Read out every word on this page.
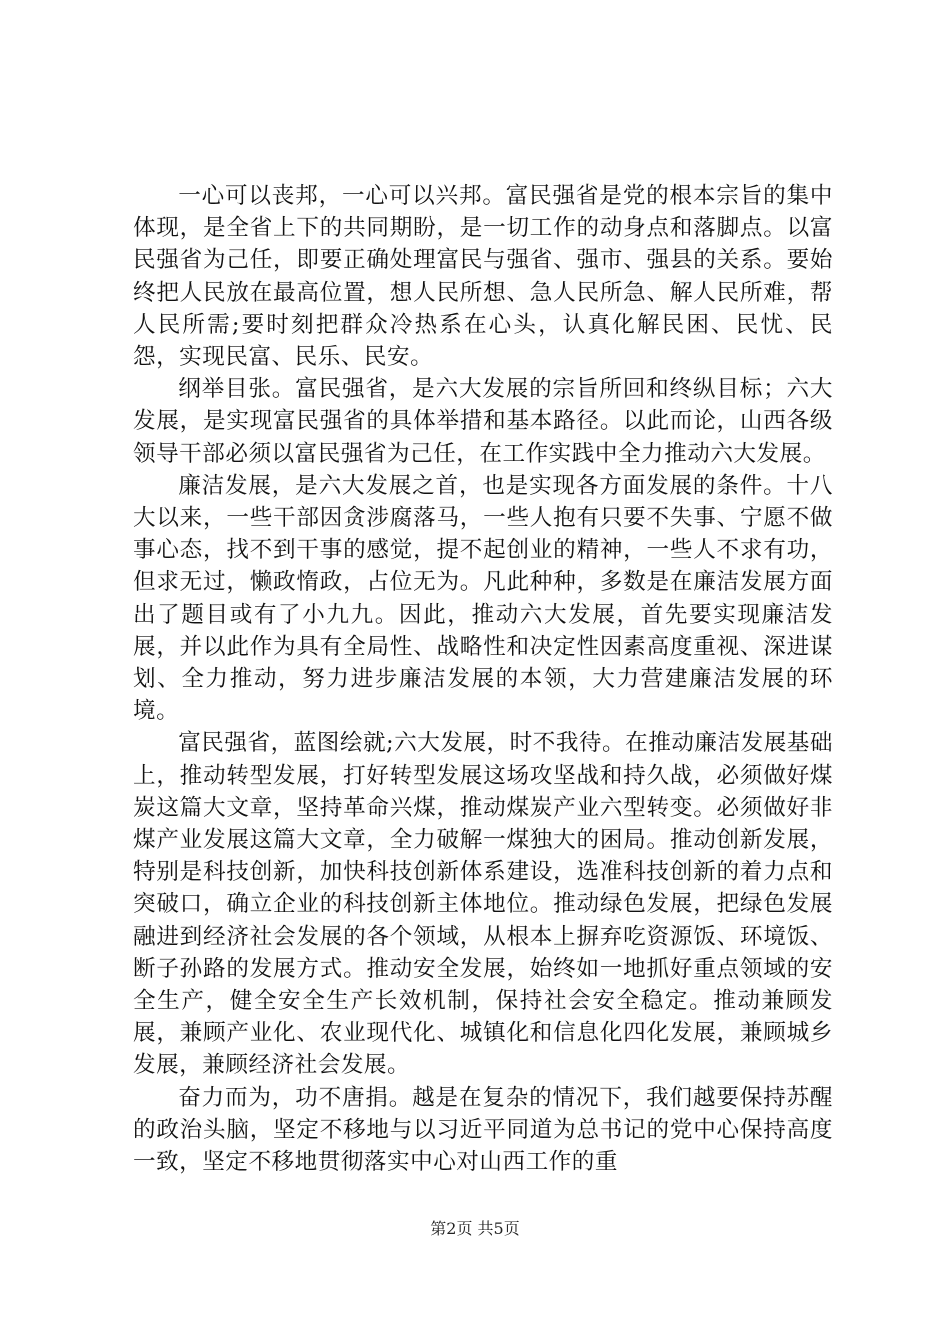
一心可以丧邦，一心可以兴邦。富民强省是党的根本宗旨的集中体现，是全省上下的共同期盼，是一切工作的动身点和落脚点。以富民强省为己任，即要正确处理富民与强省、强市、强县的关系。要始终把人民放在最高位置，想人民所想、急人民所急、解人民所难，帮人民所需;要时刻把群众冷热系在心头，认真化解民困、民忧、民怨，实现民富、民乐、民安。

纲举目张。富民强省，是六大发展的宗旨所回和终纵目标；六大发展，是实现富民强省的具体举措和基本路径。以此而论，山西各级领导干部必须以富民强省为己任，在工作实践中全力推动六大发展。

廉洁发展，是六大发展之首，也是实现各方面发展的条件。十八大以来，一些干部因贪涉腐落马，一些人抱有只要不失事、宁愿不做事心态，找不到干事的感觉，提不起创业的精神，一些人不求有功，但求无过，懒政惰政，占位无为。凡此种种，多数是在廉洁发展方面出了题目或有了小九九。因此，推动六大发展，首先要实现廉洁发展，并以此作为具有全局性、战略性和决定性因素高度重视、深进谋划、全力推动，努力进步廉洁发展的本领，大力营建廉洁发展的环境。

富民强省，蓝图绘就;六大发展，时不我待。在推动廉洁发展基础上，推动转型发展，打好转型发展这场攻坚战和持久战，必须做好煤炭这篇大文章，坚持革命兴煤，推动煤炭产业六型转变。必须做好非煤产业发展这篇大文章，全力破解一煤独大的困局。推动创新发展，特别是科技创新，加快科技创新体系建设，选准科技创新的着力点和突破口，确立企业的科技创新主体地位。推动绿色发展，把绿色发展融进到经济社会发展的各个领域，从根本上摒弃吃资源饭、环境饭、断子孙路的发展方式。推动安全发展，始终如一地抓好重点领域的安全生产，健全安全生产长效机制，保持社会安全稳定。推动兼顾发展，兼顾产业化、农业现代化、城镇化和信息化四化发展，兼顾城乡发展，兼顾经济社会发展。

奋力而为，功不唐捐。越是在复杂的情况下，我们越要保持苏醒的政治头脑，坚定不移地与以习近平同道为总书记的党中心保持高度一致，坚定不移地贯彻落实中心对山西工作的重

第2页 共5页
